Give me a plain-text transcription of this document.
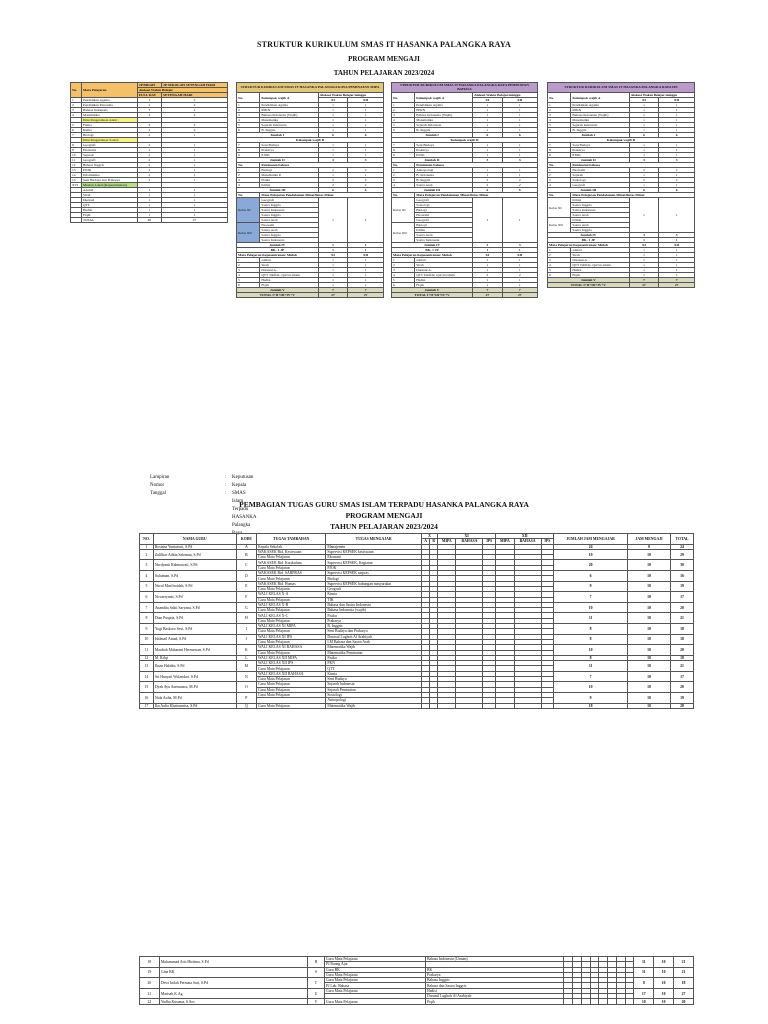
STRUKTUR KURIKULUM SMAS IT HASANKA PALANGKA RAYA
PROGRAM MENGAJI
TAHUN PELAJARAN 2023/2024
No.	Mata Pelajaran	JP BIDAH	JP SEKOLAH SETENGAH HARI
		Alokasi Waktu Belajar	
		FULL DAY	SETENGAH HARI
1	Pendidikan Agama	3	3
2	Pendidikan Pancasila	2	2
3	Bahasa Indonesia	3	2
4	Matematika	3	2
	Ilmu Pengetahuan Alam :		
5	Fisika	2	2
6	Kimia	2	2
7	Biologi	2	1
	Ilmu Pengetahuan Sosial:		
8	Geografi	2	1
9	Ekonomi	2	1
10	Sejarah	2	1
11	Geografi	2	1
12	Bahasa Inggris	2	1
13	PJOK	2	1
14	Informatika	2	1
15	Seni Budaya dan Prakarya	2	1
XVI	Muatan Lokal (Kepesantrenan)		
	Adabul	1	1
	Sirah	1	1
	Durusul	1	1
	QTT	1	1
	Hadist	1	1
	Fiqih	1	1
	TOTAL	40	27
STRUKTUR KURIKULUM SMAS IT HASANKA PALANGKA RAYA PEMINATAN MIPA			
No.	Kelompok wajib A	Alokasi Waktu Belajar/minggu	
		XI	XII
1	Pendidikan Agama	1	1
2	PPKN	1	1
3	Bahasa Indonesia (Wajib)	1	1
4	Matematika	1	1
5	Sejarah Indonesia	1	1
6	B. Inggris	1	1
Jumlah I		6	6
Kelompok wajib B			
7	Seni Budaya	1	1
8	Prakarya	1	1
9	PJOK	1	1
Jumlah II		3	3
No.	Peminatan bahasa		
1	Biologi	2	2
2	Matematika P.	1	1
3	Fisika	2	2
4	Kimia	2	2
Jumlah III		6	6
No.	Mata Pelajaran Pendalaman Minat/lintas Minat		
Kelas XI	Geografi	1	1
	Sastra Inggris		
	Sastra Indonesia		
	Sastra Inggris		
	Sastra Arab		
Kelas XII	Ekonomi		
	Sastra Arab		
	Sastra Inggris		
	Sastra Indonesia		
Jumlah IV		1	1
BK. 1 JP		1	1
Mata Pelajaran Kepesantrenan/ Muloh		XI	XII
1	adabul	1	1
2	Sirah	1	1
3	Durusul A.	1	1
4	QTT Tahfidz, Qur'an tahsin	1	1
5	Hadist	1	1
6	Fiqih	1	1
Jumlah V		7	7
TOTAL I+II+III+IV+V		27	27
STRUKTUR KURIKULUM SMAS IT HASANKA PALANGKA RAYA PEMINATAN BAHASA			
No.	Kelompok wajib A	Alokasi Waktu Belajar/minggu	
		XI	XII
1	Pendidikan Agama	1	1
2	PPKN	1	1
3	Bahasa Indonesia (Wajib)	1	1
4	Matematika	1	1
5	Sejarah Indonesia	1	1
6	B. Inggris	1	1
Jumlah I		6	6
Kelompok wajib B			
7	Seni Budaya	1	1
8	Prakarya	1	1
9	PJOK	1	1
Jumlah II		3	3
No.	Peminatan bahasa		
1	Antropologi	1	1
2	B. Indonesia	1	1
3	B. Inggris	2	2
4	Sastra Arab	2	2
Jumlah III		6	6
No.	Mata Pelajaran Pendalaman Minat/lintas Minat		
Kelas XI	Geografi	1	1
	Sosiologi		
	Biologi		
	Ekonomi		
	Geografi		
Kelas XII	Biologi		
	Kimia		
	Sastra Arab		
	Sastra Indonesia		
Jumlah IV		3	3
BK. 1 JP		1	1
Mata Pelajaran Kepesantrenan/ Muloh		XI	XII
1	adabul	1	1
2	Sirah	1	1
3	Durusul A.	1	1
4	QTT Tahfidz, Qur'an tahsin	2	2
5	Hadist	1	1
6	Fiqih	1	1
Jumlah V		7	7
TOTAL I+II+III+IV+V		27	27
STRUKTUR KURIKULUM SMAS IT HASANKA PALANGKA RAYA IPS			
No.	Kelompok wajib A	Alokasi Waktu Belajar/minggu	
		XI	XII
1	Pendidikan Agama	1	1
2	PPKN	1	1
3	Bahasa Indonesia (Wajib)	1	1
4	Matematika	1	1
5	Sejarah Indonesia	1	1
6	B. Inggris	1	1
Jumlah I		6	6
Kelompok wajib B			
7	Seni Budaya	1	1
8	Prakarya	1	1
9	PJOK	1	1
Jumlah II		3	3
No.	Peminatan bahasa		
1	Ekonomi	2	2
2	Sejarah	1	1
3	Sosiologi	2	2
4	Geografi	1	1
Jumlah III		6	6
No.	Mata Pelajaran Pendalaman Minat/lintas Minat		
Kelas XI	Kimia	1	1
	Sastra Inggris		
	Sastra Indonesia		
	Sastra Arab		
Kelas XII	Kimia		
	Sastra Arab		
	Sastra Inggris		
Jumlah IV		3	3
BK. 1 JP		1	1
Mata Pelajaran Kepesantrenan/ Muloh		XI	XII
1	adabul	1	1
2	Sirah	1	1
3	Durusul A.	1	1
4	QTT Tahfidz, Qur'an tahsin	1	1
5	Hadist	1	1
6	Fiqih	1	1
Jumlah V		7	7
TOTAL I+II+III+IV+V		27	27
Lampiran	: Keputusan Kepala SMAS Islam Terpadu HASANKA Palangka Raya
Nomor	:
Tanggal	:
PEMBAGIAN TUGAS GURU SMAS ISLAM TERPADU HASANKA PALANGKA RAYA
PROGRAM MENGAJI
TAHUN PELAJARAN 2023/2024
NO.	NAMA GURU	KODE	TUGAS TAMBAHAN	TUGAS MENGAJAR	X		XI			XII			JUMLAH JAM MENGAJAR	JAM MENGAJI	TOTAL
					A	B	MIPA	BAHASA	IPS	MIPA	BAHASA	IPS			
1	Rosiana Yuniastuti, S.Pd	A	Kepala Sekolah	Manajemen									24	0	24
2	Zulfikar Aditia Saleman, S.Pd	B	WAKASEK Bid. Kesiswaan	Supervisi KEPSEK kesiswaan									19	10	29
			Guru Mata Pelajaran	Ekonomi											
3	Nurdyanti Rahmawati, S.Pd	C	WAKASEK Bid. Kurikulum	Supervisi KEPSEK, Kegiatan									20	10	30
			Guru Mata Pelajaran	PJOK											
4	Sulaiman, S.Pd	D	WAKASEK Bid. SARPRAS	Supervisi KEPSEK sarpras									6	10	16
			Guru Mata Pelajaran	Biologi											
5	Nurul Musfiroidah, S.Pd	E	WAKASEK Bid. Humas	Supervisi KEPSEK hubungan masyarakat									9	10	19
			Guru Mata Pelajaran	Geografi											
6	Novaeryanti, S.Pd	F	WALI KELAS X-A	Kimia									7	10	17
			Guru Mata Pelajaran	TIK											
7	Anandita Sakti Saryana, S.Pd	G	WALI KELAS X-B	Bahasa dan Sastra Indonesia									10	10	20
			Guru Mata Pelajaran	Bahasa Indonesia (wajib)											
8	Dian Puspita, S.Pd	H	WALI KELAS X-C	Fisika									11	10	21
			Guru Mata Pelajaran	Prakarya											
9	Yogi Baskoro Sevi, S.Pd	I	WALI KELAS XI MIPA	B. Inggris									8	10	18
			Guru Mata Pelajaran	Seni Budaya dan Prakarya											
10	Ishlmail Amad, S.Pd	J	WALI KELAS XI IPS	Durusul Lughoh Al Arabiyah									8	10	18
			Guru Mata Pelajaran	LM Bahasa dan Sastra Arab											
11	Mardiah Maharani Hermawan, S.Pd	K	WALI KELAS XI BAHASA	Matematika Wajib									10	10	20
			Guru Mata Pelajaran	Matematika Peminatan											
12	M. Rifqi	L	WALI KELAS XII MIPA	Fisika									8	10	18
13	Ihsan Halidin, S.Pd	M	WALI KELAS XII IPS	PKN									11	10	21
			Guru Mata Pelajaran	QTT											
14	Sri Hanyati Wulandari, S.Pd	N	WALI KELAS XII BAHASA	Kimia									7	10	17
			Guru Mata Pelajaran	Seni Budaya											
15	Dyah Ayu Anenanaru, M.Pd	O	Guru Mata Pelajaran	Sejarah Indonesia									10	10	20
			Guru Mata Pelajaran	Sejarah Peminatan											
16	Nida Aulia, M.Pd	P	Guru Mata Pelajaran	Sosiologi									9	10	19
				Antropologi											
17	Ika Aulia Khairunnisa, S.Pd	Q	Guru Mata Pelajaran	Matematika Wajib									18	10	28
18	Muhammad Aris Hirdana, S.Pd	R	Guru Mata Pelajaran	Bahasa Indonesia (Umum)									11	10	21
			PJ Ruang Ajar												
19	Gina BK	S	Guru BK	BK									11	10	21
			Guru Mata Pelajaran	Prakarya											
20	Dewi Indah Permata Sari, S.Pd	T	Guru Mata Pelajaran	Bahasa Inggris									8	10	18
			PJ Lab. Bahasa	Bahasa dan Sastra Inggris											
21	Marisah K.Ag	U	Guru Mata Pelajaran	Hadist									17	10	27
				Durusul Lughoh Al Arabiyah											
22	Yudha Kusuma, S.Sos	V	Guru Mata Pelajaran	Fiqih									10	10	20
